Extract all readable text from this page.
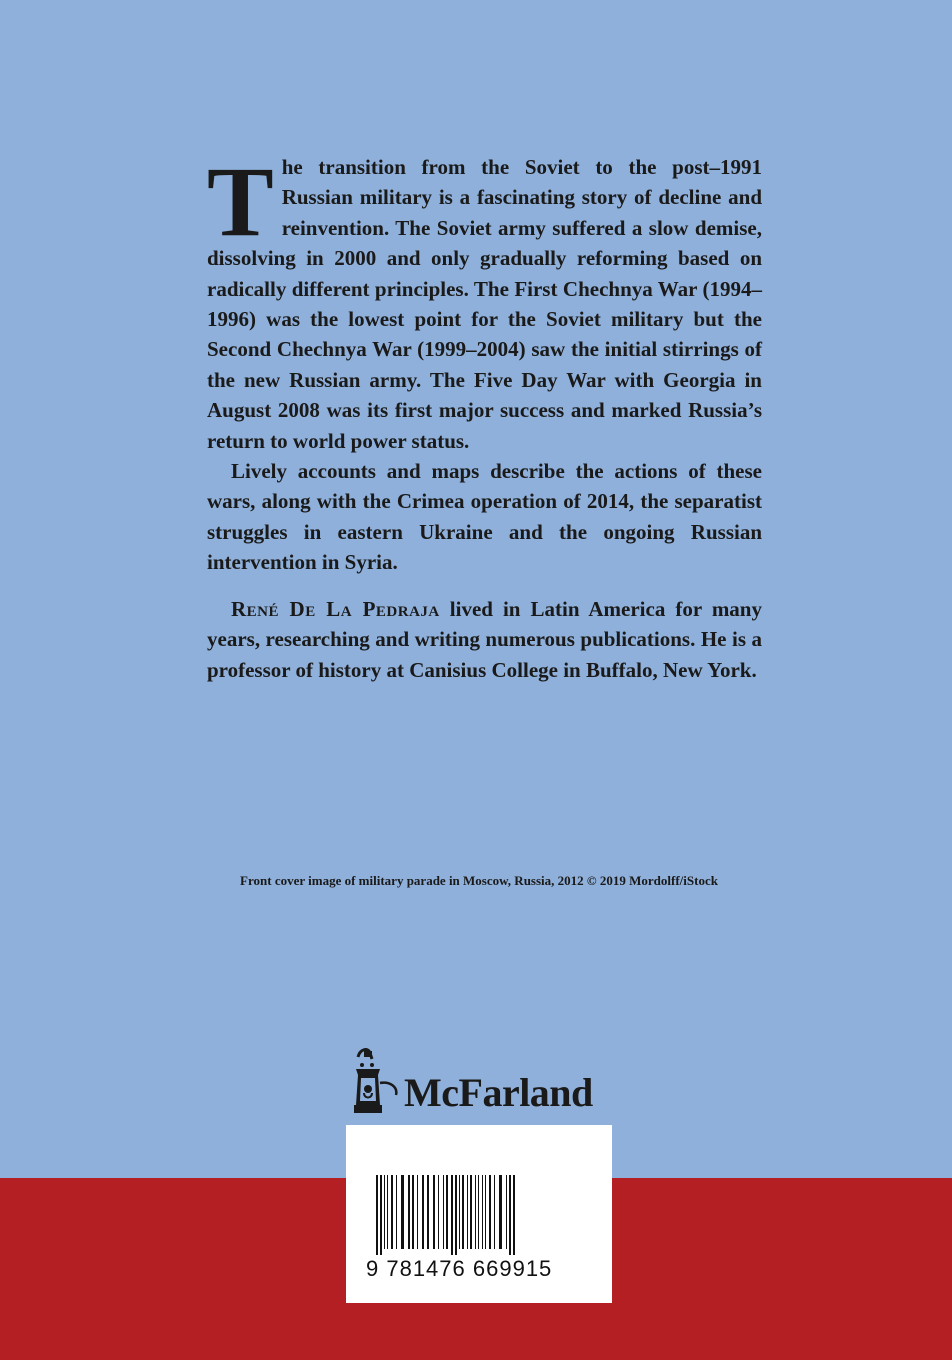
The transition from the Soviet to the post–1991 Russian military is a fascinating story of decline and reinvention. The Soviet army suffered a slow demise, dissolving in 2000 and only gradually reforming based on radically different principles. The First Chechnya War (1994–1996) was the lowest point for the Soviet military but the Second Chechnya War (1999–2004) saw the initial stirrings of the new Russian army. The Five Day War with Georgia in August 2008 was its first major success and marked Russia’s return to world power status.

Lively accounts and maps describe the actions of these wars, along with the Crimea operation of 2014, the separatist struggles in eastern Ukraine and the ongoing Russian intervention in Syria.

René De La Pedraja lived in Latin America for many years, researching and writing numerous publications. He is a professor of history at Canisius College in Buffalo, New York.

Front cover image of military parade in Moscow, Russia, 2012 © 2019 Mordolff/iStock
McFarland
9 781476 669915
